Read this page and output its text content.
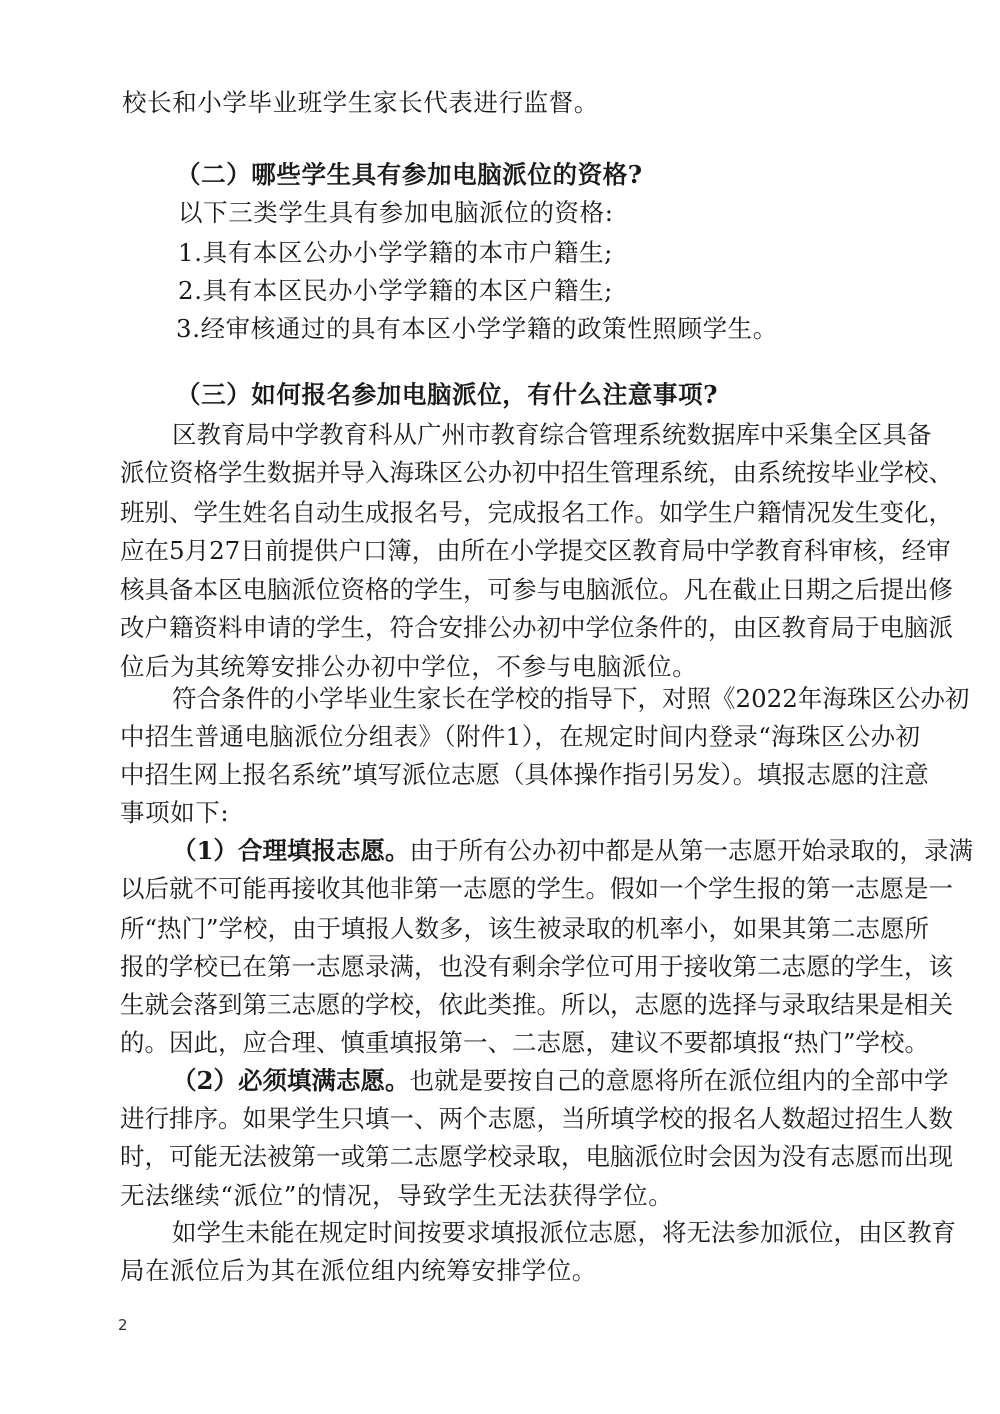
校长和小学毕业班学生家长代表进行监督。

（二）哪些学生具有参加电脑派位的资格?

以下三类学生具有参加电脑派位的资格:

1.具有本区公办小学学籍的本市户籍生;

2.具有本区民办小学学籍的本区户籍生;

3.经审核通过的具有本区小学学籍的政策性照顾学生。

（三）如何报名参加电脑派位，有什么注意事项?

区教育局中学教育科从广州市教育综合管理系统数据库中采集全区具备

派位资格学生数据并导入海珠区公办初中招生管理系统，由系统按毕业学校、

班别、学生姓名自动生成报名号，完成报名工作。如学生户籍情况发生变化，

应在5月27日前提供户口簿，由所在小学提交区教育局中学教育科审核，经审

核具备本区电脑派位资格的学生，可参与电脑派位。凡在截止日期之后提出修

改户籍资料申请的学生，符合安排公办初中学位条件的，由区教育局于电脑派

位后为其统筹安排公办初中学位，不参与电脑派位。

符合条件的小学毕业生家长在学校的指导下，对照《2022年海珠区公办初

中招生普通电脑派位分组表》（附件1），在规定时间内登录“海珠区公办初

中招生网上报名系统”填写派位志愿（具体操作指引另发）。填报志愿的注意

事项如下:

（1）合理填报志愿。由于所有公办初中都是从第一志愿开始录取的，录满

以后就不可能再接收其他非第一志愿的学生。假如一个学生报的第一志愿是一

所“热门”学校，由于填报人数多，该生被录取的机率小，如果其第二志愿所

报的学校已在第一志愿录满，也没有剩余学位可用于接收第二志愿的学生，该

生就会落到第三志愿的学校，依此类推。所以，志愿的选择与录取结果是相关

的。因此，应合理、慎重填报第一、二志愿，建议不要都填报“热门”学校。

（2）必须填满志愿。也就是要按自己的意愿将所在派位组内的全部中学

进行排序。如果学生只填一、两个志愿，当所填学校的报名人数超过招生人数

时，可能无法被第一或第二志愿学校录取，电脑派位时会因为没有志愿而出现

无法继续“派位”的情况，导致学生无法获得学位。

如学生未能在规定时间按要求填报派位志愿，将无法参加派位，由区教育

局在派位后为其在派位组内统筹安排学位。

2
